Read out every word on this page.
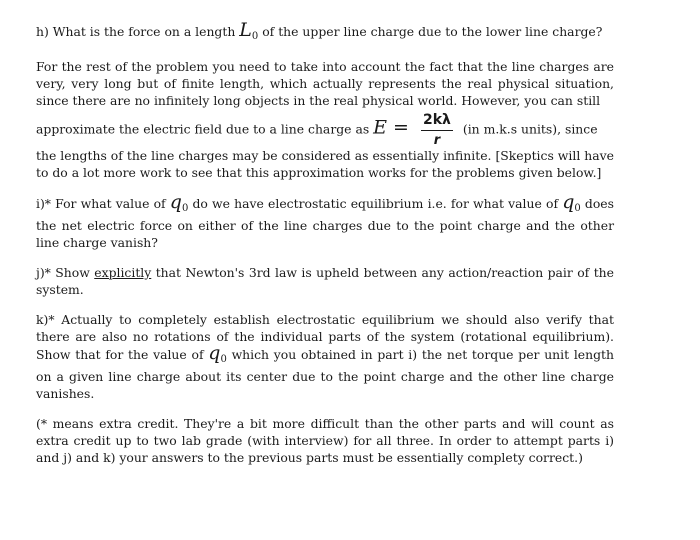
h) What is the force on a length $L_0$ of the upper line charge due to the lower line charge?

For the rest of the problem you need to take into account the fact that the line charges are very, very long but of finite length, which actually represents the real physical situation, since there are no infinitely long objects in the real physical world. However, you can still
approximate the electric field due to a line charge as $E = \frac{2k\lambda}{r} (in$ m.k.s units), since
the lengths of the line charges may be considered as essentially infinite. [Skeptics will have to do a lot more work to see that this approximation works for the problems given below.]

i)* For what value of $q_0$ do we have electrostatic equilibrium i.e. for what value of $q_0$ does the net electric force on either of the line charges due to the point charge and the other line charge vanish?

j)* Show explicitly that Newton's 3rd law is upheld between any action/reaction pair of the system.

k)* Actually to completely establish electrostatic equilibrium we should also verify that there are also no rotations of the individual parts of the system (rotational equilibrium). Show that for the value of $q_0$ which you obtained in part i) the net torque per unit length on a given line charge about its center due to the point charge and the other line charge vanishes.

(* means extra credit. They're a bit more difficult than the other parts and will count as extra credit up to two lab grade (with interview) for all three. In order to attempt parts i) and j) and k) your answers to the previous parts must be essentially complety correct.)
